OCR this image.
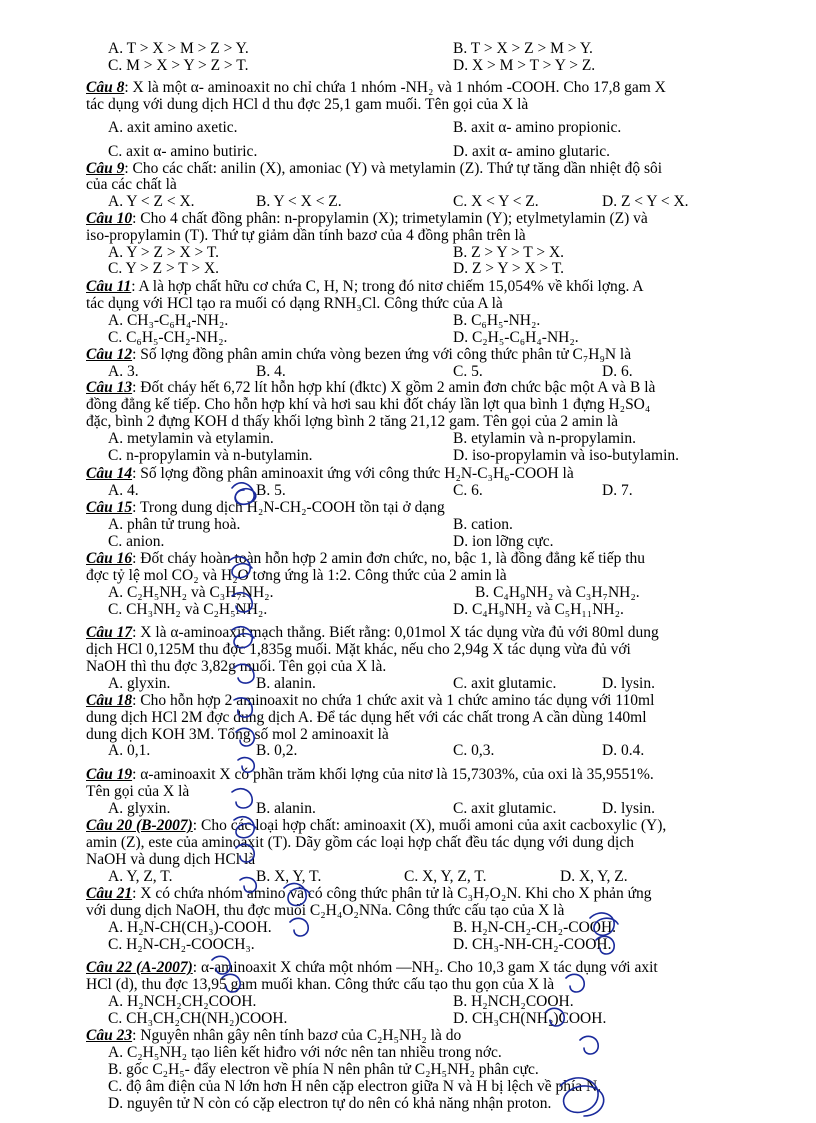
A. T > X > M > Z > Y.	B. T > X > Z > M > Y.
C. M > X > Y > Z > T.	D. X > M > T > Y > Z.
Câu 8: X là một α- aminoaxit no chỉ chứa 1 nhóm -NH₂ và 1 nhóm -COOH. Cho 17,8 gam X
tác dụng với dung dịch HCl d thu đợc 25,1 gam muối. Tên gọi của X là
A. axit amino axetic.	B. axit α- amino propionic.
C. axit α- amino butiric.	D. axit α- amino glutaric.
Câu 9: Cho các chất: anilin (X), amoniac (Y) và metylamin (Z). Thứ tự tăng dần nhiệt độ sôi
của các chất là
A. Y < Z < X.	B. Y < X < Z.	C. X < Y < Z.	D. Z < Y < X.
Câu 10: Cho 4 chất đồng phân: n-propylamin (X); trimetylamin (Y); etylmetylamin (Z) và
iso-propylamin (T). Thứ tự giảm dần tính bazơ của 4 đồng phân trên là
A. Y > Z > X > T.	B. Z > Y > T > X.
C. Y > Z > T > X.	D. Z > Y > X > T.
Câu 11: A là hợp chất hữu cơ chứa C, H, N; trong đó nitơ chiếm 15,054% về khối lợng. A
tác dụng với HCl tạo ra muối có dạng RNH₃Cl. Công thức của A là
A. CH₃-C₆H₄-NH₂.	B. C₆H₅-NH₂.
C. C₆H₅-CH₂-NH₂.	D. C₂H₅-C₆H₄-NH₂.
Câu 12: Số lợng đồng phân amin chứa vòng bezen ứng với công thức phân tử C₇H₉N là
A. 3.	B. 4.	C. 5.	D. 6.
Câu 13: Đốt cháy hết 6,72 lít hỗn hợp khí (đktc) X gồm 2 amin đơn chức bậc một A và B là
đồng đẳng kế tiếp. Cho hỗn hợp khí và hơi sau khi đốt cháy lần lợt qua bình 1 đựng H₂SO₄
đặc, bình 2 đựng KOH d thấy khối lợng bình 2 tăng 21,12 gam. Tên gọi của 2 amin là
A. metylamin và etylamin.	B. etylamin và n-propylamin.
C. n-propylamin và n-butylamin.	D. iso-propylamin và iso-butylamin.
Câu 14: Số lợng đồng phân aminoaxit ứng với công thức H₂N-C₃H₆-COOH là
A. 4.	B. 5.	C. 6.	D. 7.
Câu 15: Trong dung dịch H₂N-CH₂-COOH tồn tại ở dạng
A. phân tử trung hoà.	B. cation.
C. anion.	D. ion lỡng cực.
Câu 16: Đốt cháy hoàn toàn hỗn hợp 2 amin đơn chức, no, bậc 1, là đồng đẳng kế tiếp thu
đợc tỷ lệ mol CO₂ và H₂O tơng ứng là 1:2. Công thức của 2 amin là
A. C₂H₅NH₂ và C₃H₇NH₂.	B. C₄H₉NH₂ và C₃H₇NH₂.
C. CH₃NH₂ và C₂H₅NH₂.	D. C₄H₉NH₂ và C₅H₁₁NH₂.
Câu 17: X là α-aminoaxit mạch thẳng. Biết rằng: 0,01mol X tác dụng vừa đủ với 80ml dung
dịch HCl 0,125M thu đợc 1,835g muối. Mặt khác, nếu cho 2,94g X tác dụng vừa đủ với
NaOH thì thu đợc 3,82g muối. Tên gọi của X là.
A. glyxin.	B. alanin.	C. axit glutamic.	D. lysin.
Câu 18: Cho hỗn hợp 2 aminoaxit no chứa 1 chức axit và 1 chức amino tác dụng với 110ml
dung dịch HCl 2M đợc dung dịch A. Để tác dụng hết với các chất trong A cần dùng 140ml
dung dịch KOH 3M. Tổng số mol 2 aminoaxit là
A. 0,1.	B. 0,2.	C. 0,3.	D. 0.4.
Câu 19: α-aminoaxit X có phần trăm khối lợng của nitơ là 15,7303%, của oxi là 35,9551%.
Tên gọi của X là
A. glyxin.	B. alanin.	C. axit glutamic.	D. lysin.
Câu 20 (B-2007): Cho các loại hợp chất: aminoaxit (X), muối amoni của axit cacboxylic (Y),
amin (Z), este của aminoaxit (T). Dãy gồm các loại hợp chất đều tác dụng với dung dịch
NaOH và dung dịch HCl là
A. Y, Z, T.	B. X, Y, T.	C. X, Y, Z, T.	D. X, Y, Z.
Câu 21: X có chứa nhóm amino và có công thức phân tử là C₃H₇O₂N. Khi cho X phản ứng
với dung dịch NaOH, thu đợc muối C₂H₄O₂NNa. Công thức cấu tạo của X là
A. H₂N-CH(CH₃)-COOH.	B. H₂N-CH₂-CH₂-COOH.
C. H₂N-CH₂-COOCH₃.	D. CH₃-NH-CH₂-COOH.
Câu 22 (A-2007): α-aminoaxit X chứa một nhóm —NH₂. Cho 10,3 gam X tác dụng với axit
HCl (d), thu đợc 13,95 gam muối khan. Công thức cấu tạo thu gọn của X là
A. H₂NCH₂CH₂COOH.	B. H₂NCH₂COOH.
C. CH₃CH₂CH(NH₂)COOH.	D. CH₃CH(NH₂)COOH.
Câu 23: Nguyên nhân gây nên tính bazơ của C₂H₅NH₂ là do
A. C₂H₅NH₂ tạo liên kết hiđro với nớc nên tan nhiều trong nớc.
B. gốc C₂H₅- đẩy electron về phía N nên phân tử C₂H₅NH₂ phân cực.
C. độ âm điện của N lớn hơn H nên cặp electron giữa N và H bị lệch về phía N.
D. nguyên tử N còn có cặp electron tự do nên có khả năng nhận proton.
